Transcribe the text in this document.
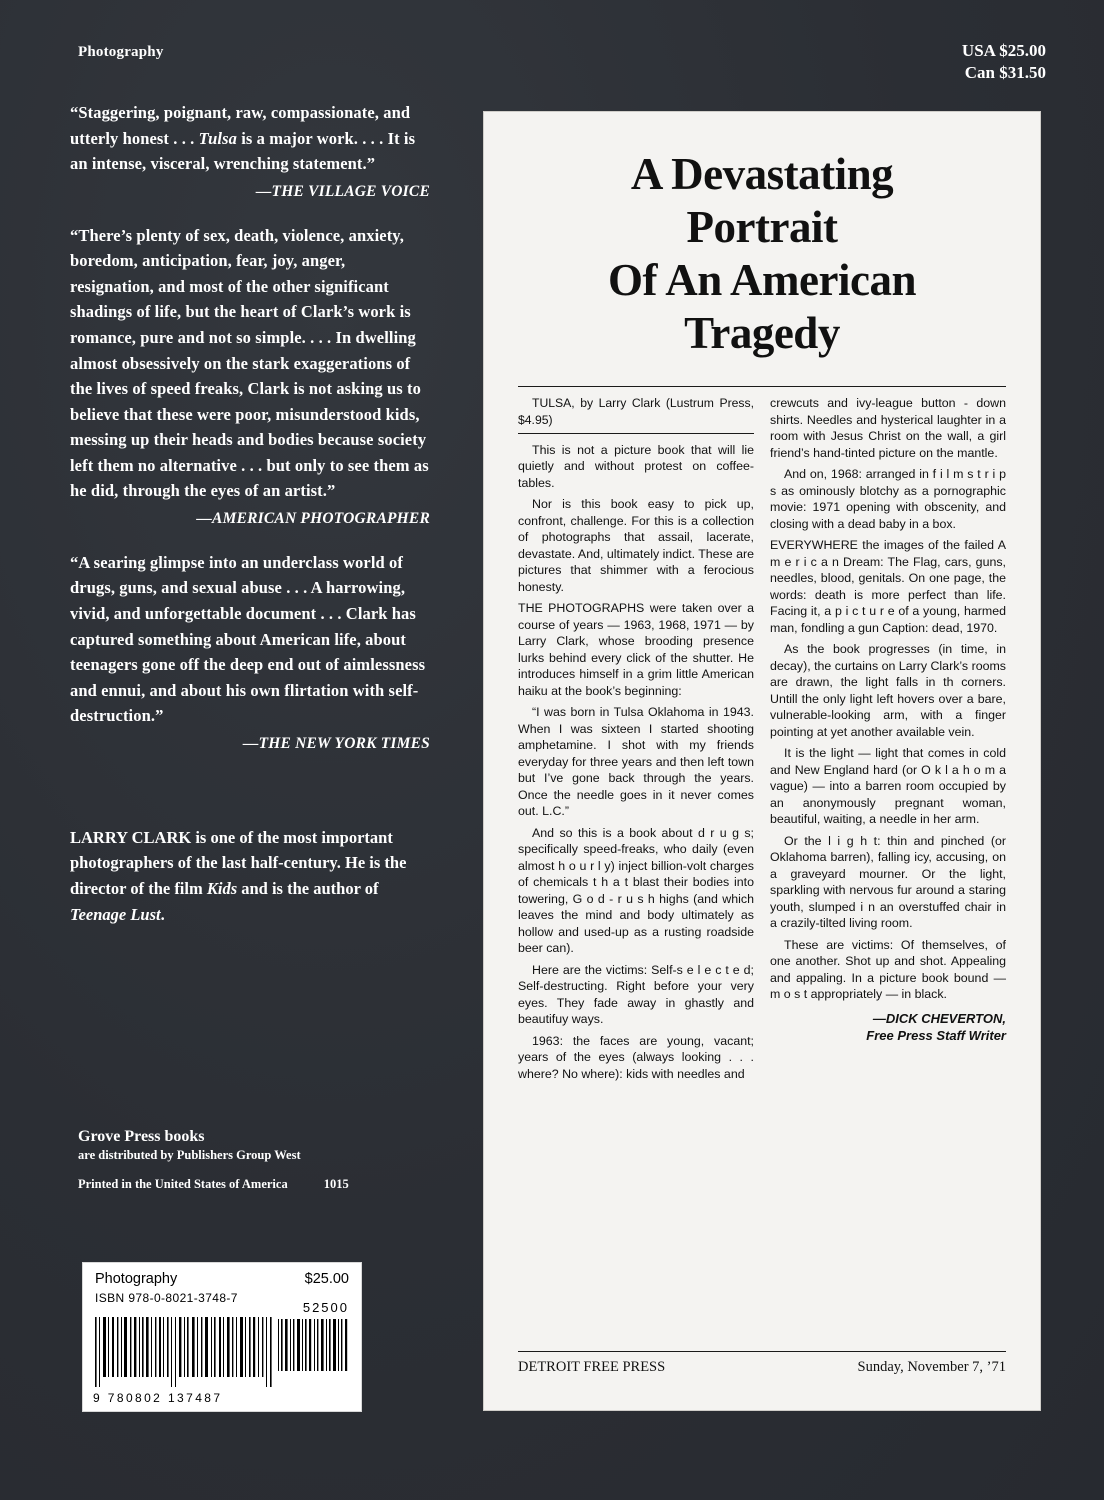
Photography	USA $25.00
Can $31.50

“Staggering, poignant, raw, compassionate, and utterly honest . . . Tulsa is a major work. . . . It is an intense, visceral, wrenching statement.”

—THE VILLAGE VOICE

“There’s plenty of sex, death, violence, anxiety, boredom, anticipation, fear, joy, anger, resignation, and most of the other significant shadings of life, but the heart of Clark’s work is romance, pure and not so simple. . . . In dwelling almost obsessively on the stark exaggerations of the lives of speed freaks, Clark is not asking us to believe that these were poor, misunderstood kids, messing up their heads and bodies because society left them no alternative . . . but only to see them as he did, through the eyes of an artist.”

—AMERICAN PHOTOGRAPHER

“A searing glimpse into an underclass world of drugs, guns, and sexual abuse . . . A harrowing, vivid, and unforgettable document . . . Clark has captured something about American life, about teenagers gone off the deep end out of aimlessness and ennui, and about his own flirtation with self-destruction.”

—THE NEW YORK TIMES

LARRY CLARK is one of the most important photographers of the last half-century. He is the director of the film Kids and is the author of Teenage Lust.

Grove Press books
are distributed by Publishers Group West
Printed in the United States of America	1015
Photography	$25.00
ISBN 978-0-8021-3748-7
52500
9 780802 137487
A Devastating
Portrait
Of An American
Tragedy

TULSA, by Larry Clark (Lustrum Press, $4.95)

This is not a picture book that will lie quietly and without protest on coffee-tables.

Nor is this book easy to pick up, confront, challenge. For this is a collection of photographs that assail, lacerate, devastate. And, ultimately indict. These are pictures that shimmer with a ferocious honesty.

THE PHOTOGRAPHS were taken over a course of years — 1963, 1968, 1971 — by Larry Clark, whose brooding presence lurks behind every click of the shutter. He introduces himself in a grim little American haiku at the book’s beginning:

“I was born in Tulsa Oklahoma in 1943. When I was sixteen I started shooting amphetamine. I shot with my friends everyday for three years and then left town but I’ve gone back through the years. Once the needle goes in it never comes out. L.C.”

And so this is a book about d r u g s; specifically speed-freaks, who daily (even almost h o u r l y) inject billion-volt charges of chemicals t h a t blast their bodies into towering, G o d - r u s h highs (and which leaves the mind and body ultimately as hollow and used-up as a rusting roadside beer can).

Here are the victims: Self-s e l e c t e d; Self-destructing. Right before your very eyes. They fade away in ghastly and beautifuy ways.

1963: the faces are young, vacant; years of the eyes (always looking . . . where? No where): kids with needles and

crewcuts and ivy-league button - down shirts. Needles and hysterical laughter in a room with Jesus Christ on the wall, a girl friend’s hand-tinted picture on the mantle.

And on, 1968: arranged in f i l m s t r i p s as ominously blotchy as a pornographic movie: 1971 opening with obscenity, and closing with a dead baby in a box.

EVERYWHERE the images of the failed A m e r i c a n Dream: The Flag, cars, guns, needles, blood, genitals. On one page, the words: death is more perfect than life. Facing it, a p i c t u r e of a young, harmed man, fondling a gun Caption: dead, 1970.

As the book progresses (in time, in decay), the curtains on Larry Clark’s rooms are drawn, the light falls in th corners. Untill the only light left hovers over a bare, vulnerable-looking arm, with a finger pointing at yet another available vein.

It is the light — light that comes in cold and New England hard (or O k l a h o m a vague) — into a barren room occupied by an anonymously pregnant woman, beautiful, waiting, a needle in her arm.

Or the l i g h t: thin and pinched (or Oklahoma barren), falling icy, accusing, on a graveyard mourner. Or the light, sparkling with nervous fur around a staring youth, slumped i n an overstuffed chair in a crazily-tilted living room.

These are victims: Of themselves, of one another. Shot up and shot. Appealing and appaling. In a picture book bound — m o s t appropriately — in black.

—DICK CHEVERTON,
Free Press Staff Writer
DETROIT FREE PRESS	Sunday, November 7, ’71
